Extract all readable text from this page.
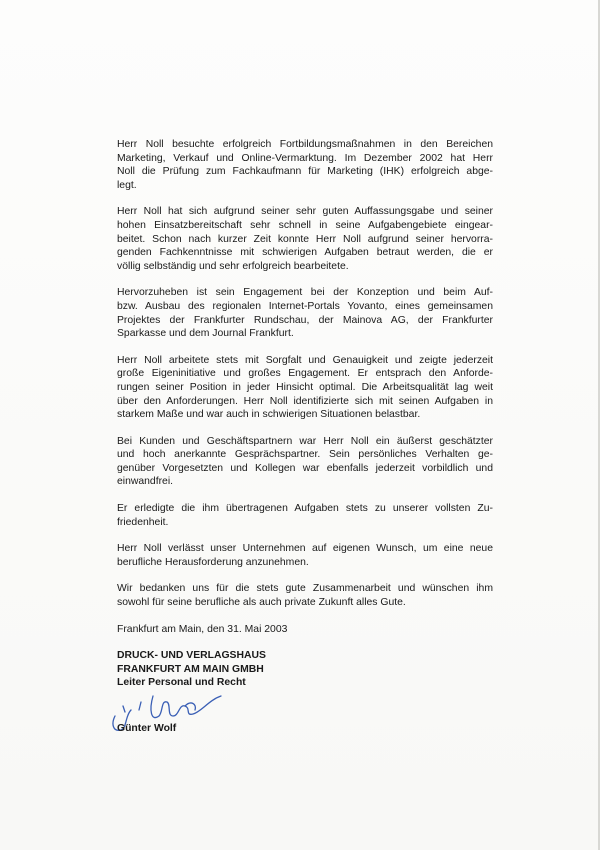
Herr Noll besuchte erfolgreich Fortbildungsmaßnahmen in den Bereichen
Marketing, Verkauf und Online-Vermarktung. Im Dezember 2002 hat Herr
Noll die Prüfung zum Fachkaufmann für Marketing (IHK) erfolgreich abge-
legt.

Herr Noll hat sich aufgrund seiner sehr guten Auffassungsgabe und seiner
hohen Einsatzbereitschaft sehr schnell in seine Aufgabengebiete eingear-
beitet. Schon nach kurzer Zeit konnte Herr Noll aufgrund seiner hervorra-
genden Fachkenntnisse mit schwierigen Aufgaben betraut werden, die er
völlig selbständig und sehr erfolgreich bearbeitete.

Hervorzuheben ist sein Engagement bei der Konzeption und beim Auf-
bzw. Ausbau des regionalen Internet-Portals Yovanto, eines gemeinsamen
Projektes der Frankfurter Rundschau, der Mainova AG, der Frankfurter
Sparkasse und dem Journal Frankfurt.

Herr Noll arbeitete stets mit Sorgfalt und Genauigkeit und zeigte jederzeit
große Eigeninitiative und großes Engagement. Er entsprach den Anforde-
rungen seiner Position in jeder Hinsicht optimal. Die Arbeitsqualität lag weit
über den Anforderungen. Herr Noll identifizierte sich mit seinen Aufgaben in
starkem Maße und war auch in schwierigen Situationen belastbar.

Bei Kunden und Geschäftspartnern war Herr Noll ein äußerst geschätzter
und hoch anerkannte Gesprächspartner. Sein persönliches Verhalten ge-
genüber Vorgesetzten und Kollegen war ebenfalls jederzeit vorbildlich und
einwandfrei.

Er erledigte die ihm übertragenen Aufgaben stets zu unserer vollsten Zu-
friedenheit.

Herr Noll verlässt unser Unternehmen auf eigenen Wunsch, um eine neue
berufliche Herausforderung anzunehmen.

Wir bedanken uns für die stets gute Zusammenarbeit und wünschen ihm
sowohl für seine berufliche als auch private Zukunft alles Gute.

Frankfurt am Main, den 31. Mai 2003

DRUCK- UND VERLAGSHAUS

FRANKFURT AM MAIN GMBH

Leiter Personal und Recht

Günter Wolf
